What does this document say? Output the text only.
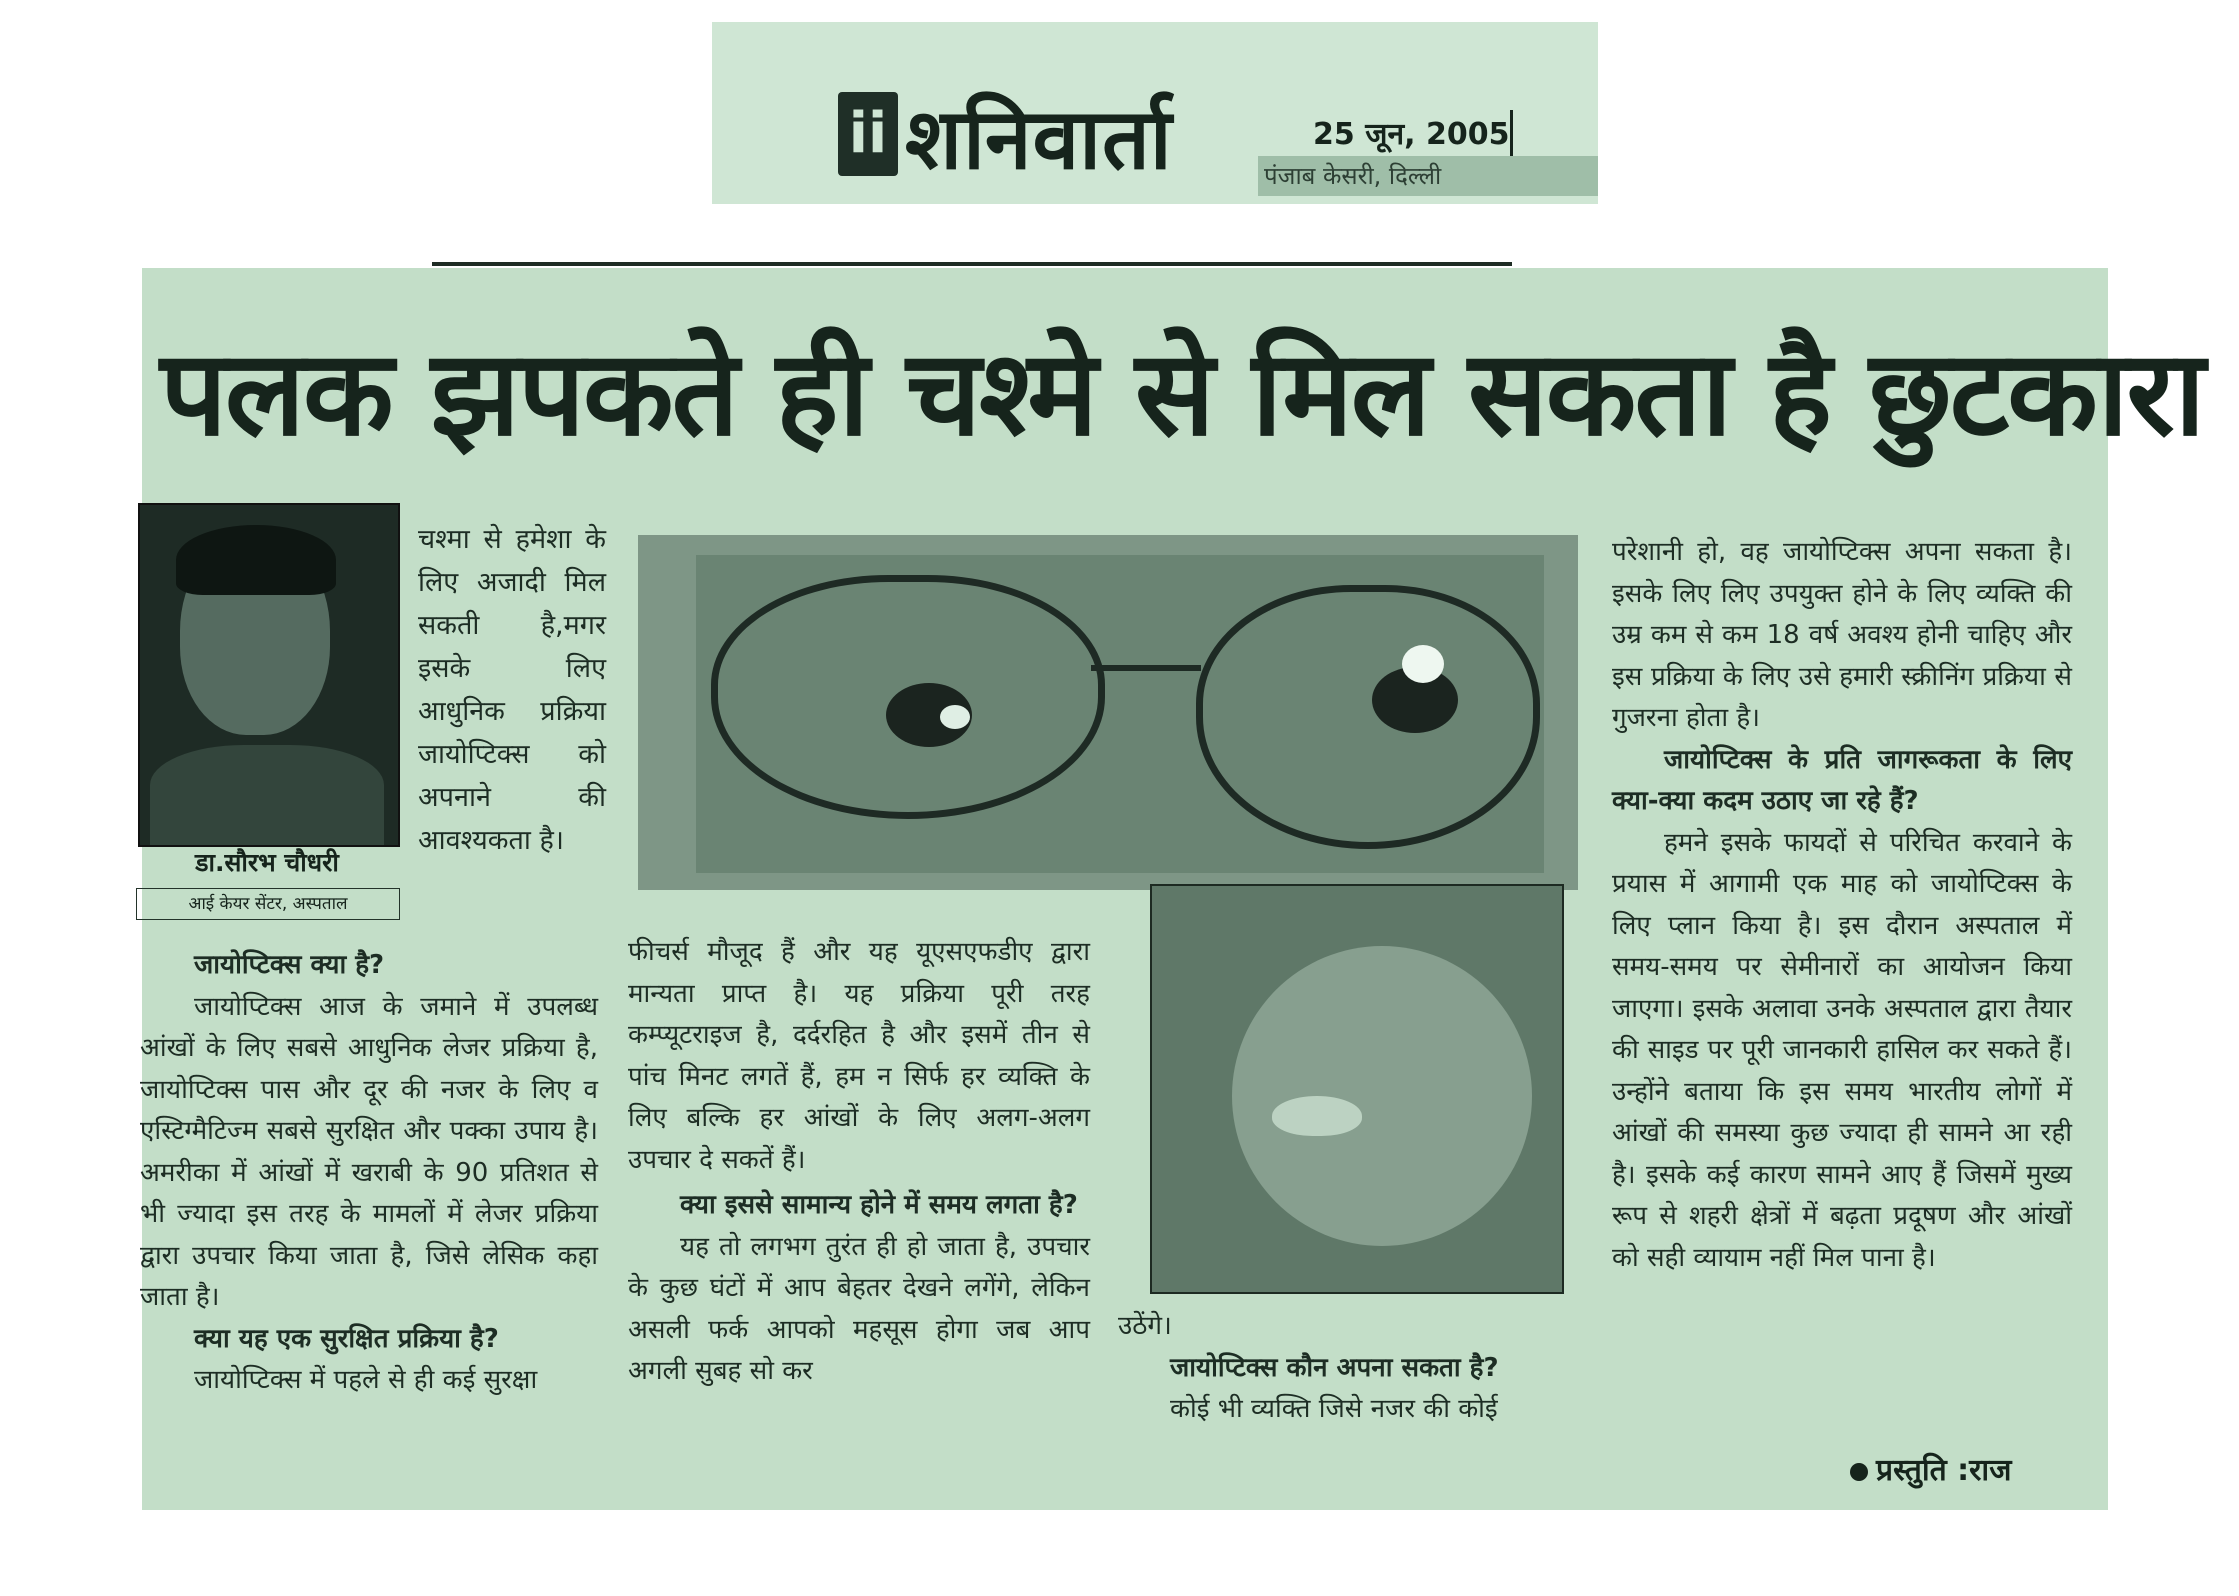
ii शनिवार्ता	25 जून, 2005
पंजाब केसरी, दिल्ली
पलक झपकते ही चश्मे से मिल सकता है छुटकारा
डा.सौरभ चौधरी
आई केयर सेंटर, अस्पताल
चश्मा से हमेशा के लिए अजादी मिल सकती है,मगर इसके लिए आधुनिक प्रक्रिया जायोप्टिक्स को अपनाने की आवश्यकता है।
जायोप्टिक्स क्या है?
जायोप्टिक्स आज के जमाने में उपलब्ध आंखों के लिए सबसे आधुनिक लेजर प्रक्रिया है, जायोप्टिक्स पास और दूर की नजर के लिए व एस्टिग्मैटिज्म सबसे सुरक्षित और पक्का उपाय है। अमरीका में आंखों में खराबी के 90 प्रतिशत से भी ज्यादा इस तरह के मामलों में लेजर प्रक्रिया द्वारा उपचार किया जाता है, जिसे लेसिक कहा जाता है।
क्या यह एक सुरक्षित प्रक्रिया है?
जायोप्टिक्स में पहले से ही कई सुरक्षा
फीचर्स मौजूद हैं और यह यूएसएफडीए द्वारा मान्यता प्राप्त है। यह प्रक्रिया पूरी तरह कम्प्यूटराइज है, दर्दरहित है और इसमें तीन से पांच मिनट लगतें हैं, हम न सिर्फ हर व्यक्ति के लिए बल्कि हर आंखों के लिए अलग-अलग उपचार दे सकतें हैं।
क्या इससे सामान्य होने में समय लगता है?
यह तो लगभग तुरंत ही हो जाता है, उपचार के कुछ घंटों में आप बेहतर देखने लगेंगे, लेकिन असली फर्क आपको महसूस होगा जब आप अगली सुबह सो कर
उठेंगे।
जायोप्टिक्स कौन अपना सकता है?
कोई भी व्यक्ति जिसे नजर की कोई
परेशानी हो, वह जायोप्टिक्स अपना सकता है। इसके लिए लिए उपयुक्त होने के लिए व्यक्ति की उम्र कम से कम 18 वर्ष अवश्य होनी चाहिए और इस प्रक्रिया के लिए उसे हमारी स्क्रीनिंग प्रक्रिया से गुजरना होता है।
जायोप्टिक्स के प्रति जागरूकता के लिए क्या-क्या कदम उठाए जा रहे हैं?
हमने इसके फायदों से परिचित करवाने के प्रयास में आगामी एक माह को जायोप्टिक्स के लिए प्लान किया है। इस दौरान अस्पताल में समय-समय पर सेमीनारों का आयोजन किया जाएगा। इसके अलावा उनके अस्पताल द्वारा तैयार की साइड पर पूरी जानकारी हासिल कर सकते हैं। उन्होंने बताया कि इस समय भारतीय लोगों में आंखों की समस्या कुछ ज्यादा ही सामने आ रही है। इसके कई कारण सामने आए हैं जिसमें मुख्य रूप से शहरी क्षेत्रों में बढ़ता प्रदूषण और आंखों को सही व्यायाम नहीं मिल पाना है।
प्रस्तुति :राज
